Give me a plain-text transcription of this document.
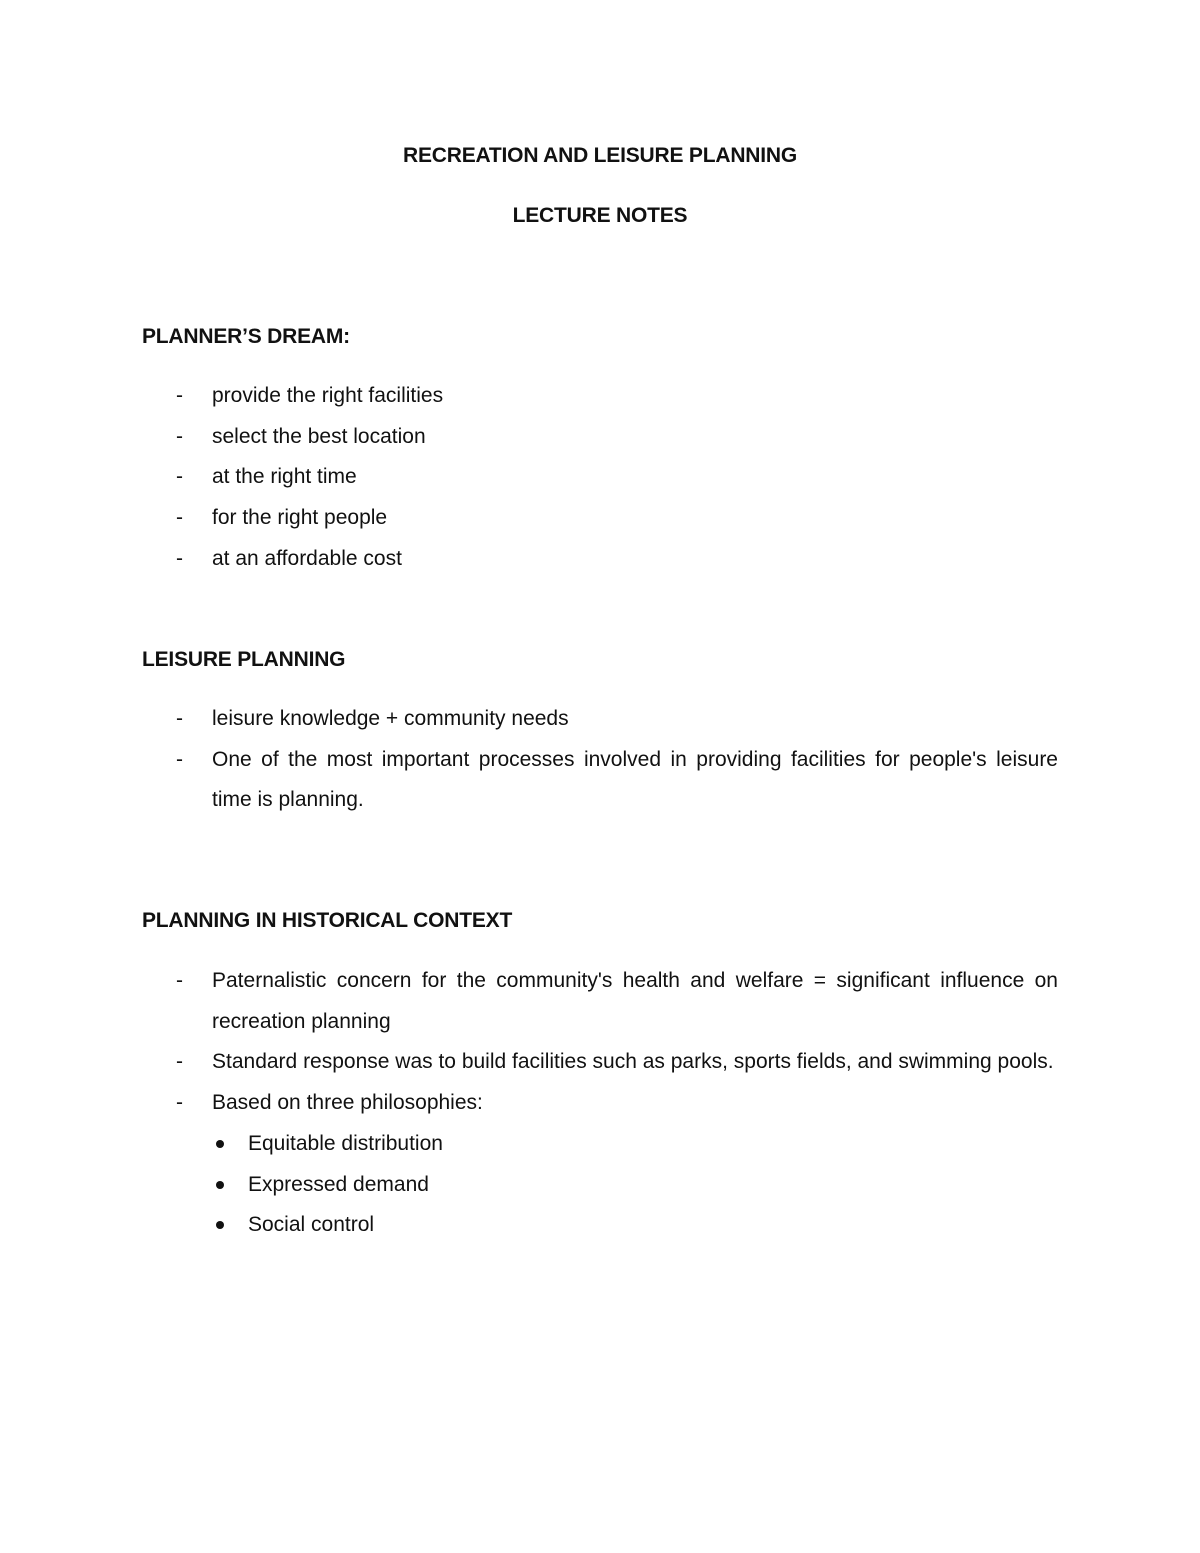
RECREATION AND LEISURE PLANNING
LECTURE NOTES
PLANNER’S DREAM:
- provide the right facilities
- select the best location
- at the right time
- for the right people
- at an affordable cost
LEISURE PLANNING
- leisure knowledge + community needs
- One of the most important processes involved in providing facilities for people's leisure time is planning.
PLANNING IN HISTORICAL CONTEXT
- Paternalistic concern for the community's health and welfare = significant influence on recreation planning
- Standard response was to build facilities such as parks, sports fields, and swimming pools.
- Based on three philosophies:
Equitable distribution
Expressed demand
Social control
